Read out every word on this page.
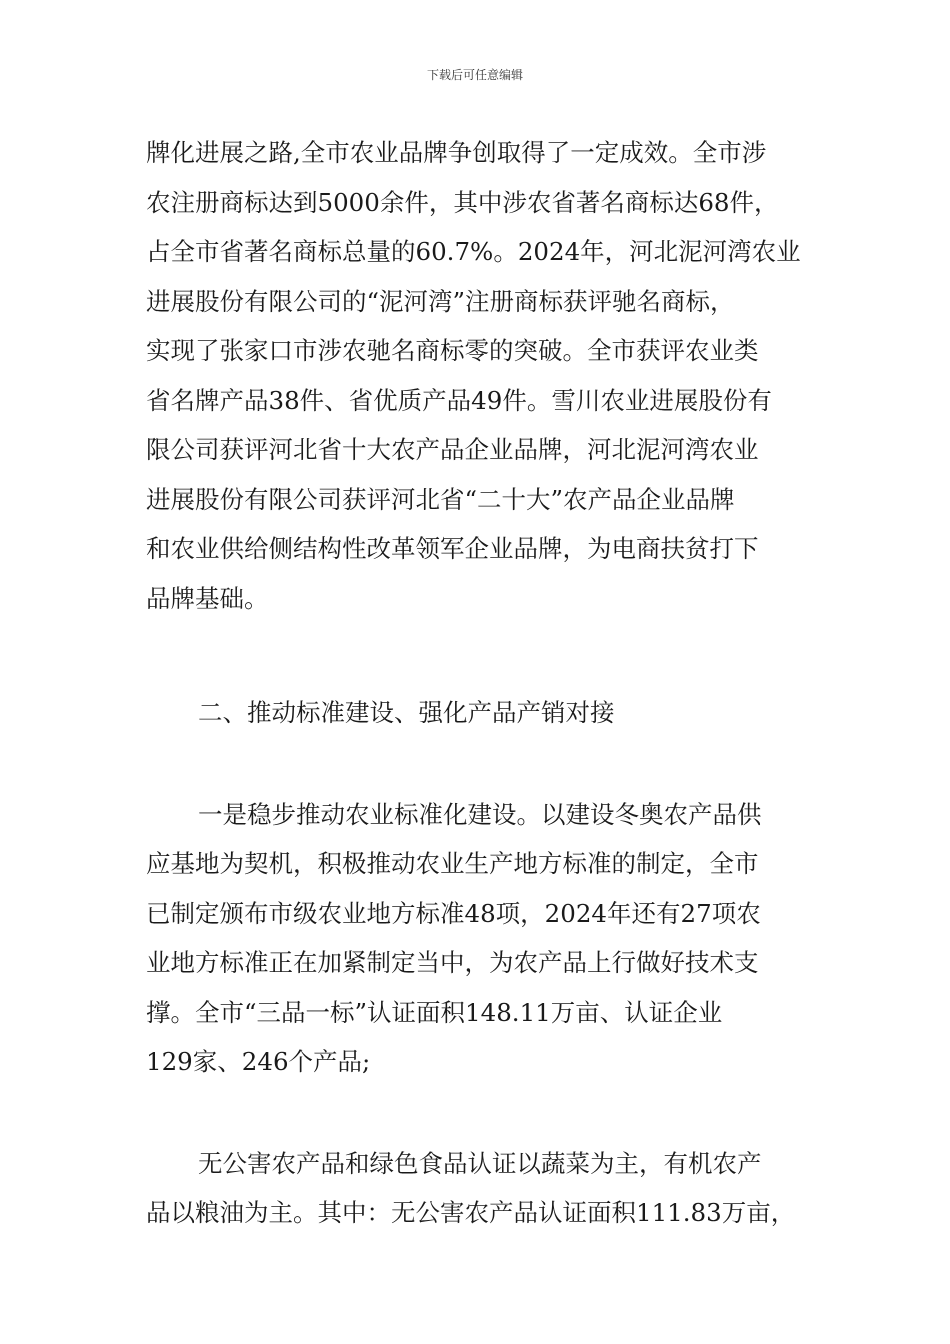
下载后可任意编辑
牌化进展之路,全市农业品牌争创取得了一定成效。全市涉
农注册商标达到5000余件，其中涉农省著名商标达68件，
占全市省著名商标总量的60.7%。2024年，河北泥河湾农业
进展股份有限公司的“泥河湾”注册商标获评驰名商标，
实现了张家口市涉农驰名商标零的突破。全市获评农业类
省名牌产品38件、省优质产品49件。雪川农业进展股份有
限公司获评河北省十大农产品企业品牌，河北泥河湾农业
进展股份有限公司获评河北省“二十大”农产品企业品牌
和农业供给侧结构性改革领军企业品牌，为电商扶贫打下
品牌基础。

二、推动标准建设、强化产品产销对接

一是稳步推动农业标准化建设。以建设冬奥农产品供
应基地为契机，积极推动农业生产地方标准的制定，全市
已制定颁布市级农业地方标准48项，2024年还有27项农
业地方标准正在加紧制定当中，为农产品上行做好技术支
撑。全市“三品一标”认证面积148.11万亩、认证企业
129家、246个产品;
无公害农产品和绿色食品认证以蔬菜为主，有机农产
品以粮油为主。其中：无公害农产品认证面积111.83万亩，
